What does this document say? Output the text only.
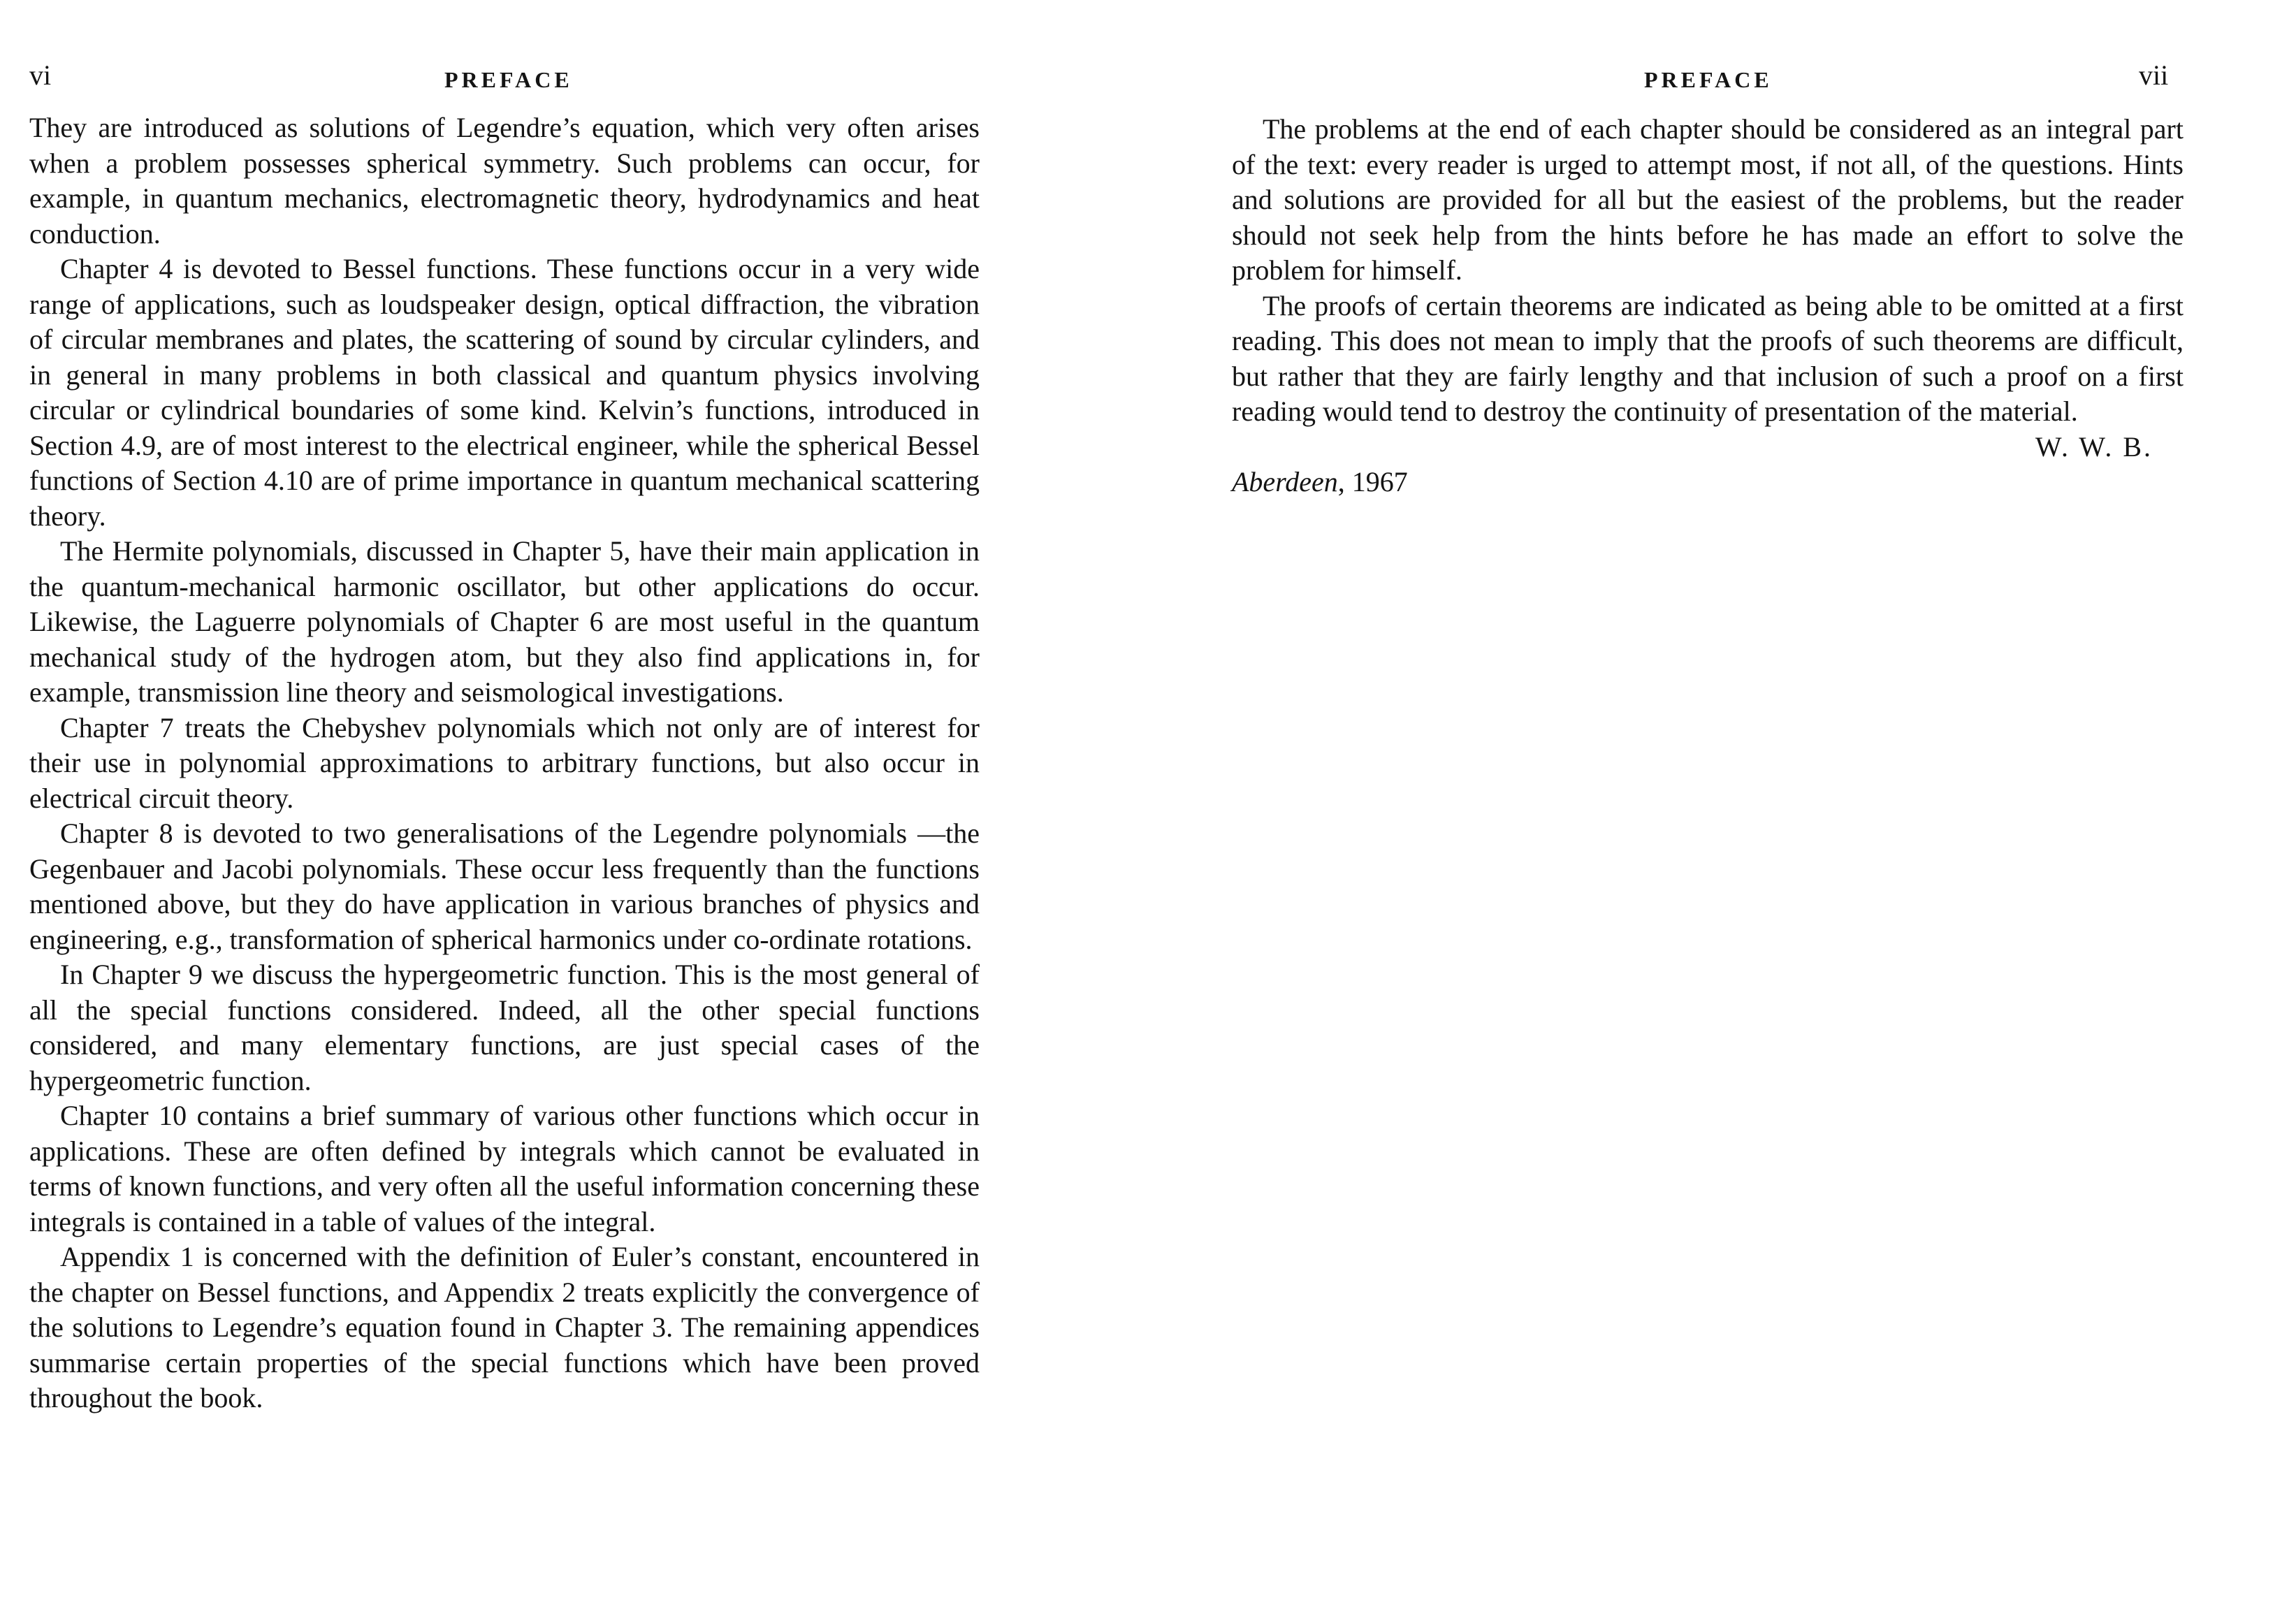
vi	PREFACE

They are introduced as solutions of Legendre’s equation, which very often arises when a problem possesses spherical symmetry. Such problems can occur, for example, in quantum mechanics, electromagnetic theory, hydrodynamics and heat conduction.

Chapter 4 is devoted to Bessel functions. These functions occur in a very wide range of applications, such as loudspeaker design, optical diffraction, the vibration of circular membranes and plates, the scattering of sound by circular cylinders, and in general in many problems in both classical and quantum physics involving circular or cylindrical boundaries of some kind. Kelvin’s functions, introduced in Section 4.9, are of most interest to the electrical engineer, while the spherical Bessel functions of Section 4.10 are of prime importance in quantum mechanical scattering theory.

The Hermite polynomials, discussed in Chapter 5, have their main application in the quantum-mechanical harmonic oscillator, but other applications do occur. Likewise, the Laguerre polynomials of Chapter 6 are most useful in the quantum mechanical study of the hydrogen atom, but they also find applications in, for example, transmission line theory and seismological investigations.

Chapter 7 treats the Chebyshev polynomials which not only are of interest for their use in polynomial approximations to arbitrary functions, but also occur in electrical circuit theory.

Chapter 8 is devoted to two generalisations of the Legendre polynomials —the Gegenbauer and Jacobi polynomials. These occur less frequently than the functions mentioned above, but they do have application in various branches of physics and engineering, e.g., transformation of spherical harmonics under co-ordinate rotations.

In Chapter 9 we discuss the hypergeometric function. This is the most general of all the special functions considered. Indeed, all the other special functions considered, and many elementary functions, are just special cases of the hypergeometric function.

Chapter 10 contains a brief summary of various other functions which occur in applications. These are often defined by integrals which cannot be evaluated in terms of known functions, and very often all the useful information concerning these integrals is contained in a table of values of the integral.

Appendix 1 is concerned with the definition of Euler’s constant, encountered in the chapter on Bessel functions, and Appendix 2 treats explicitly the convergence of the solutions to Legendre’s equation found in Chapter 3. The remaining appendices summarise certain properties of the special functions which have been proved throughout the book.

PREFACE	vii

The problems at the end of each chapter should be considered as an integral part of the text: every reader is urged to attempt most, if not all, of the questions. Hints and solutions are provided for all but the easiest of the problems, but the reader should not seek help from the hints before he has made an effort to solve the problem for himself.

The proofs of certain theorems are indicated as being able to be omitted at a first reading. This does not mean to imply that the proofs of such theorems are difficult, but rather that they are fairly lengthy and that inclusion of such a proof on a first reading would tend to destroy the continuity of presentation of the material.

W. W. B.

Aberdeen, 1967
